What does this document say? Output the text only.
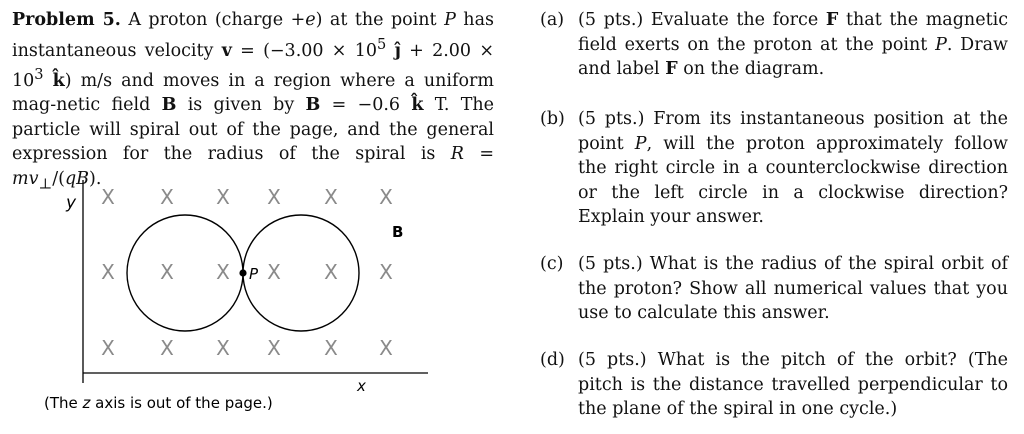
Problem 5. A proton (charge +e) at the point P has instantaneous velocity $v = (-3.00 \times 10^5$ ĵ + $2.00 \times 10^3$ k̂) m/s and moves in a region where a uniform mag-netic field B is given by B = −0.6 k̂ T. The particle will spiral out of the page, and the general expression for the radius of the spiral is $R = mv_\perp/(qB)$.

y
x
X X X X X X
X X X X X X
X X X X X X
P
B
(The z axis is out of the page.)

(a) (5 pts.) Evaluate the force F that the magnetic field exerts on the proton at the point P. Draw and label F on the diagram.

(b) (5 pts.) From its instantaneous position at the point P, will the proton approximately follow the right circle in a counterclockwise direction or the left circle in a clockwise direction? Explain your answer.

(c) (5 pts.) What is the radius of the spiral orbit of the proton? Show all numerical values that you use to calculate this answer.

(d) (5 pts.) What is the pitch of the orbit? (The pitch is the distance travelled perpendicular to the plane of the spiral in one cycle.)
